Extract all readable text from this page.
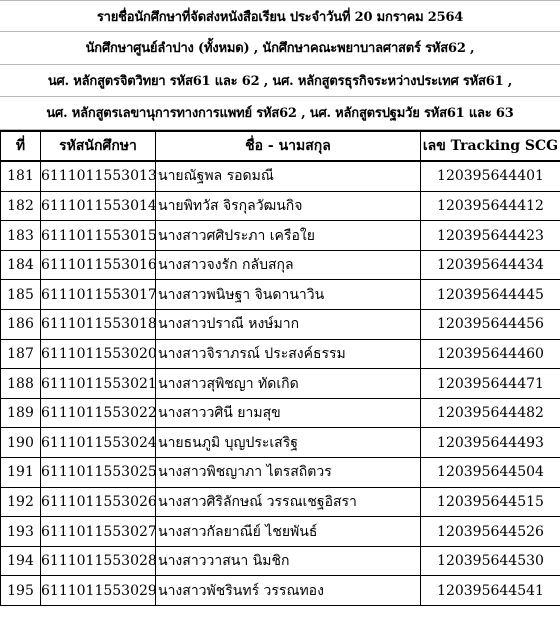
รายชื่อนักศึกษาที่จัดส่งหนังสือเรียน ประจำวันที่ 20 มกราคม 2564
นักศึกษาศูนย์ลำปาง (ทั้งหมด) , นักศึกษาคณะพยาบาลศาสตร์ รหัส62 ,
นศ. หลักสูตรจิตวิทยา รหัส61 และ 62 , นศ. หลักสูตรธุรกิจระหว่างประเทศ รหัส61 ,
นศ. หลักสูตรเลขานุการทางการแพทย์ รหัส62 , นศ. หลักสูตรปฐมวัย รหัส61 และ 63
ที่	รหัสนักศึกษา	ชื่อ - นามสกุล	เลข Tracking SCG
181	6111011553013	นายณัฐพล รอดมณี	120395644401
182	6111011553014	นายพิทวัส จิรกุลวัฒนกิจ	120395644412
183	6111011553015	นางสาวศศิประภา เครือใย	120395644423
184	6111011553016	นางสาวจงรัก กลับสกุล	120395644434
185	6111011553017	นางสาวพนิษฐา จินดานาวิน	120395644445
186	6111011553018	นางสาวปราณี หงษ์มาก	120395644456
187	6111011553020	นางสาวจิราภรณ์ ประสงค์ธรรม	120395644460
188	6111011553021	นางสาวสุพิชญา ทัดเกิด	120395644471
189	6111011553022	นางสาววศินี ยามสุข	120395644482
190	6111011553024	นายธนภูมิ บุญประเสริฐ	120395644493
191	6111011553025	นางสาวพิชญาภา ไตรสถิตวร	120395644504
192	6111011553026	นางสาวศิริลักษณ์ วรรณเชฐอิสรา	120395644515
193	6111011553027	นางสาวกัลยาณีย์ ไชยพันธ์	120395644526
194	6111011553028	นางสาววาสนา นิมชิก	120395644530
195	6111011553029	นางสาวพัชรินทร์ วรรณทอง	120395644541
